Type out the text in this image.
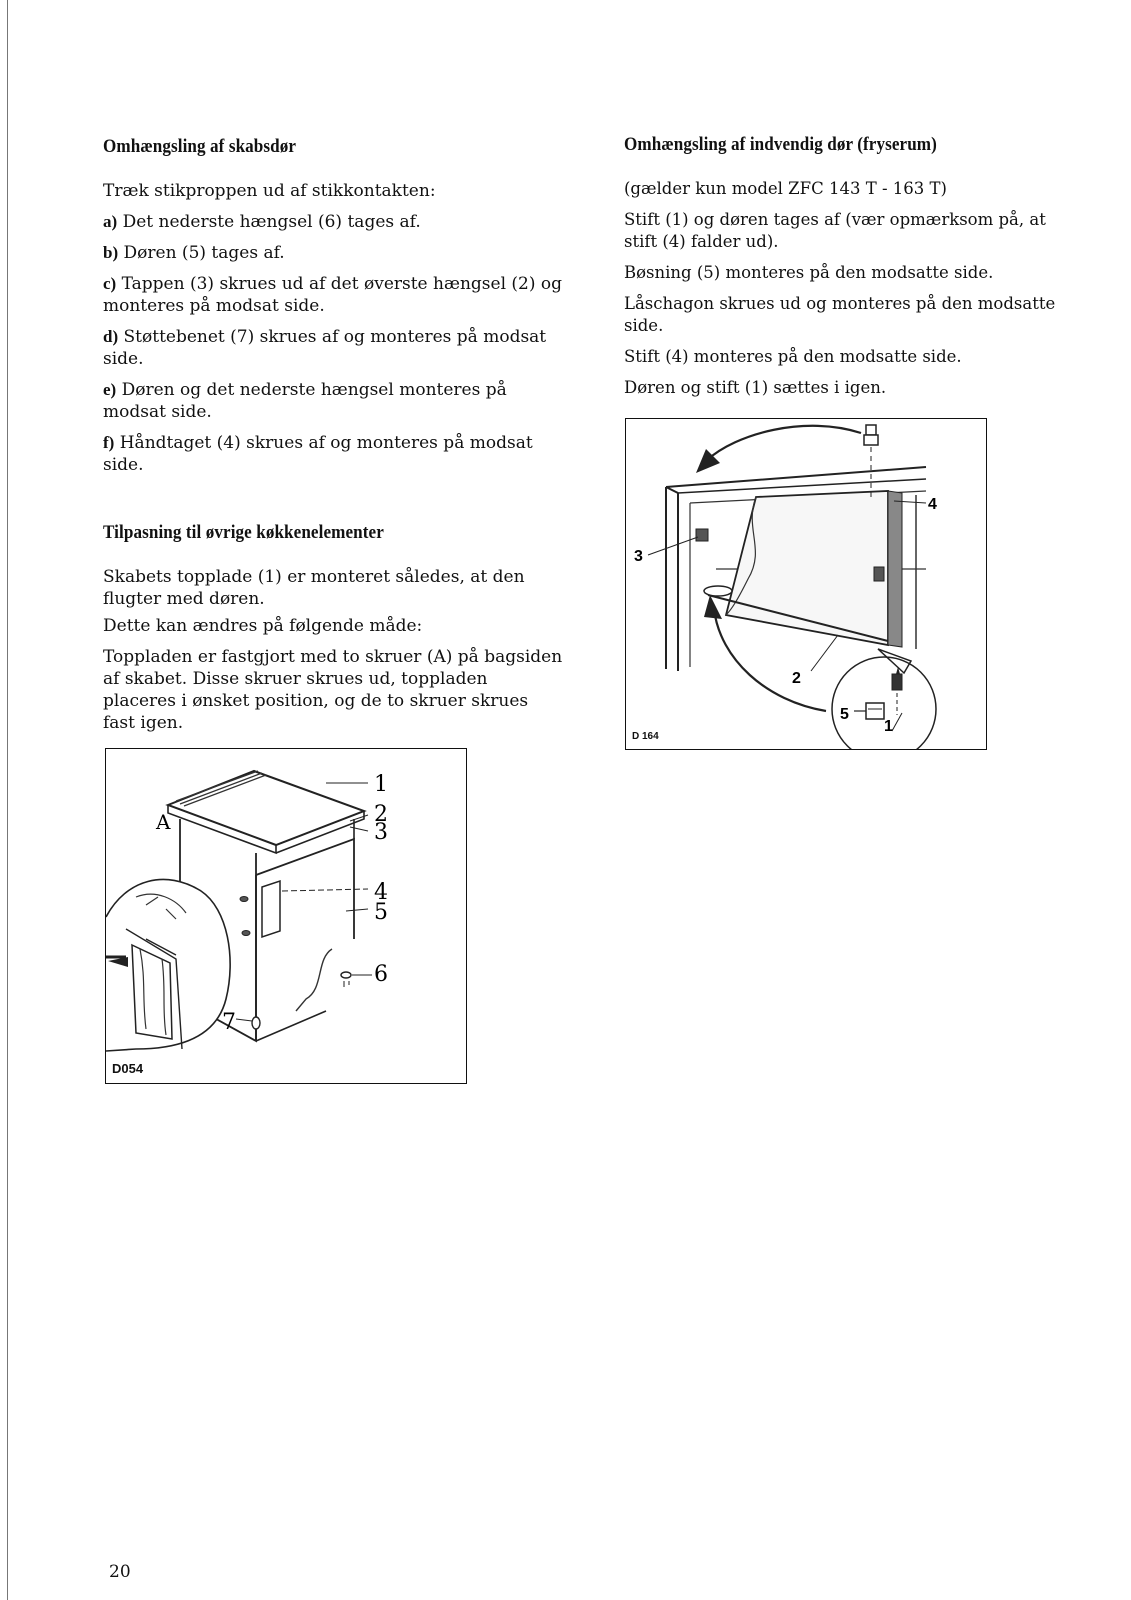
Omhængsling af skabsdør

Træk stikproppen ud af stikkontakten:

a) Det nederste hængsel (6) tages af.

b) Døren (5) tages af.

c) Tappen (3) skrues ud af det øverste hængsel (2) og monteres på modsat side.

d) Støttebenet (7) skrues af og monteres på modsat side.

e) Døren og det nederste hængsel monteres på modsat side.

f) Håndtaget (4) skrues af og monteres på modsat side.

Tilpasning til øvrige køkkenelementer

Skabets topplade (1) er monteret således, at den flugter med døren.

Dette kan ændres på følgende måde:

Toppladen er fastgjort med to skruer (A) på bagsiden af skabet. Disse skruer skrues ud, toppladen placeres i ønsket position, og de to skruer skrues fast igen.

Omhængsling af indvendig dør (fryserum)

(gælder kun model ZFC 143 T - 163 T)

Stift (1) og døren tages af (vær opmærksom på, at stift (4) falder ud).

Bøsning (5) monteres på den modsatte side.

Låschagon skrues ud og monteres på den modsatte side.

Stift (4) monteres på den modsatte side.

Døren og stift (1) sættes i igen.

3
4
2
5
1
D 164
A
1
2
3
4
5
6
7
D054
20
